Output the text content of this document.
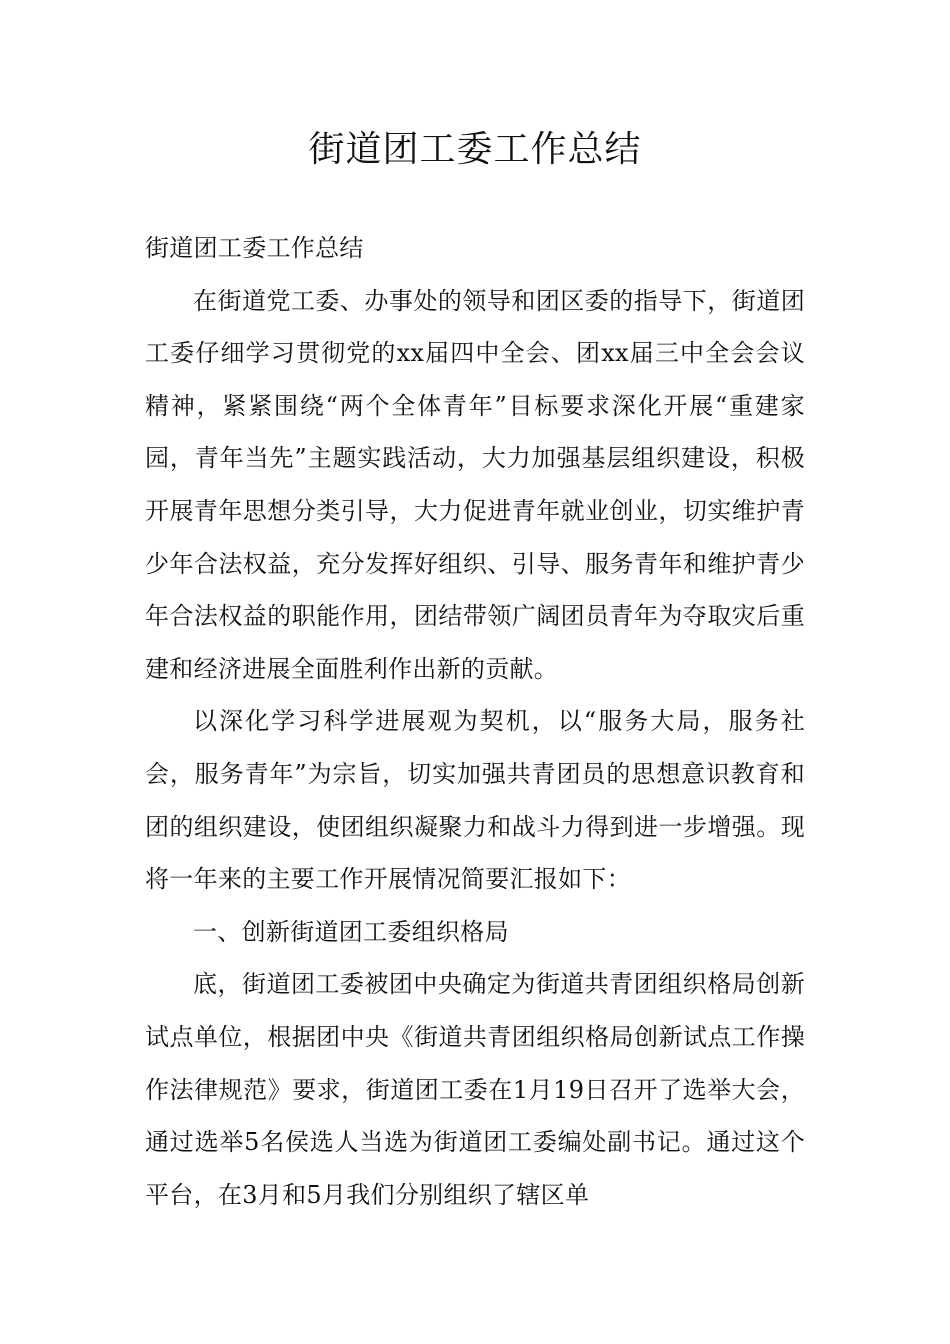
街道团工委工作总结

街道团工委工作总结

在街道党工委、办事处的领导和团区委的指导下，街道团工委仔细学习贯彻党的xx届四中全会、团xx届三中全会会议精神，紧紧围绕“两个全体青年”目标要求深化开展“重建家园，青年当先”主题实践活动，大力加强基层组织建设，积极开展青年思想分类引导，大力促进青年就业创业，切实维护青少年合法权益，充分发挥好组织、引导、服务青年和维护青少年合法权益的职能作用，团结带领广阔团员青年为夺取灾后重建和经济进展全面胜利作出新的贡献。

以深化学习科学进展观为契机，以“服务大局，服务社会，服务青年”为宗旨，切实加强共青团员的思想意识教育和团的组织建设，使团组织凝聚力和战斗力得到进一步增强。现将一年来的主要工作开展情况简要汇报如下：

一、创新街道团工委组织格局

底，街道团工委被团中央确定为街道共青团组织格局创新试点单位，根据团中央《街道共青团组织格局创新试点工作操作法律规范》要求，街道团工委在1月19日召开了选举大会，通过选举5名侯选人当选为街道团工委编处副书记。通过这个平台，在3月和5月我们分别组织了辖区单
